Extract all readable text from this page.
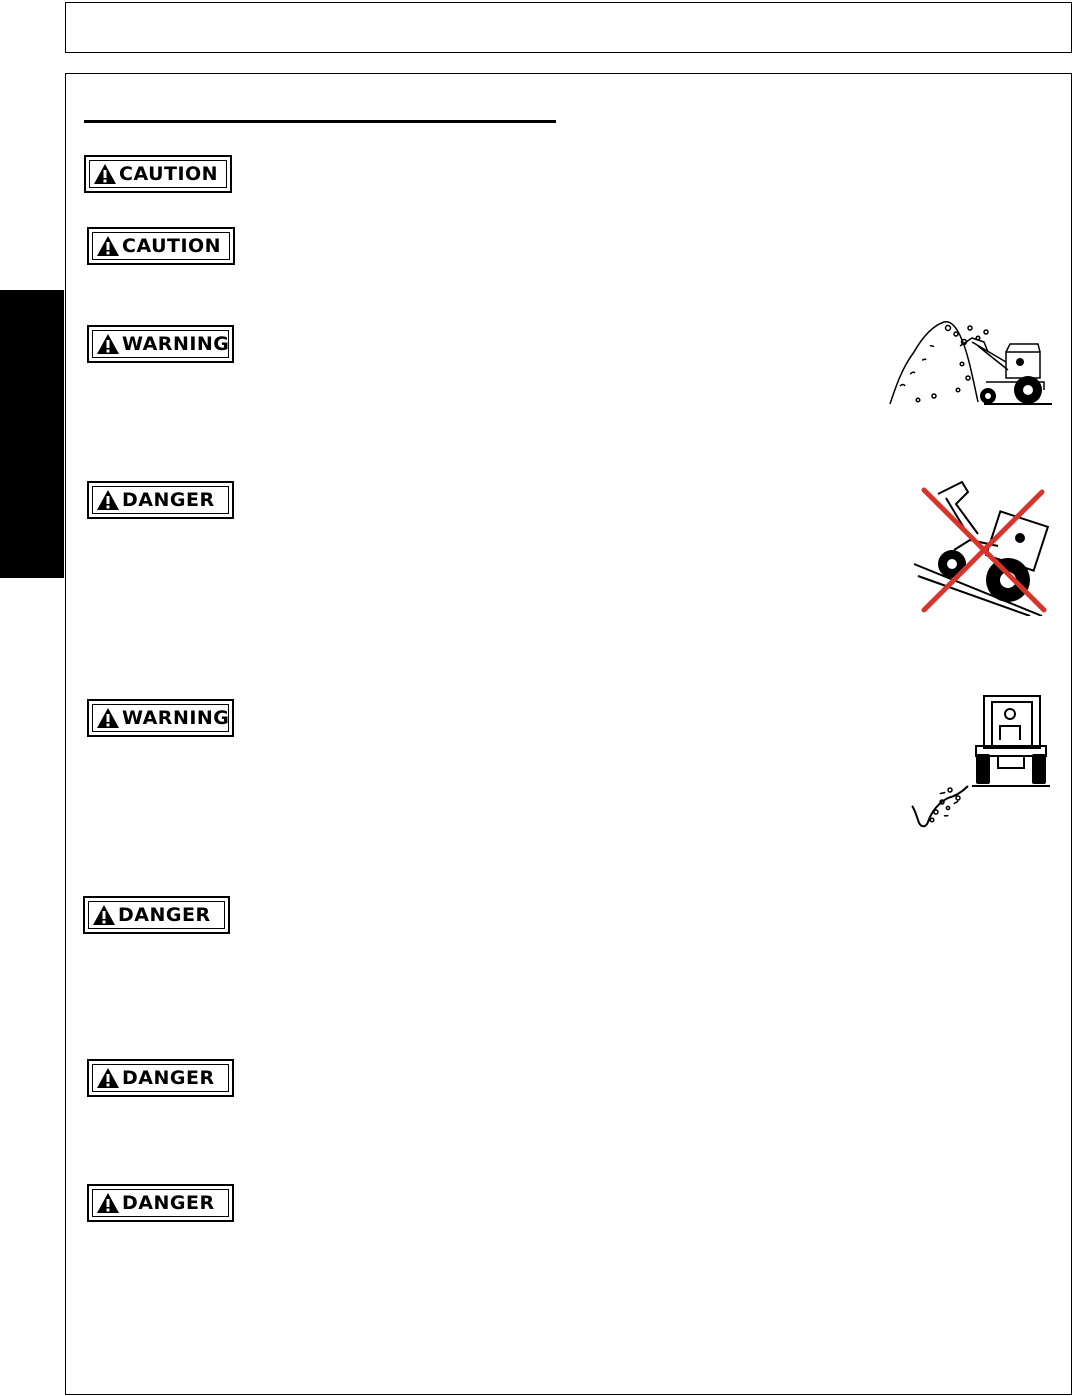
CAUTION
CAUTION
WARNING
DANGER
WARNING
DANGER
DANGER
DANGER
